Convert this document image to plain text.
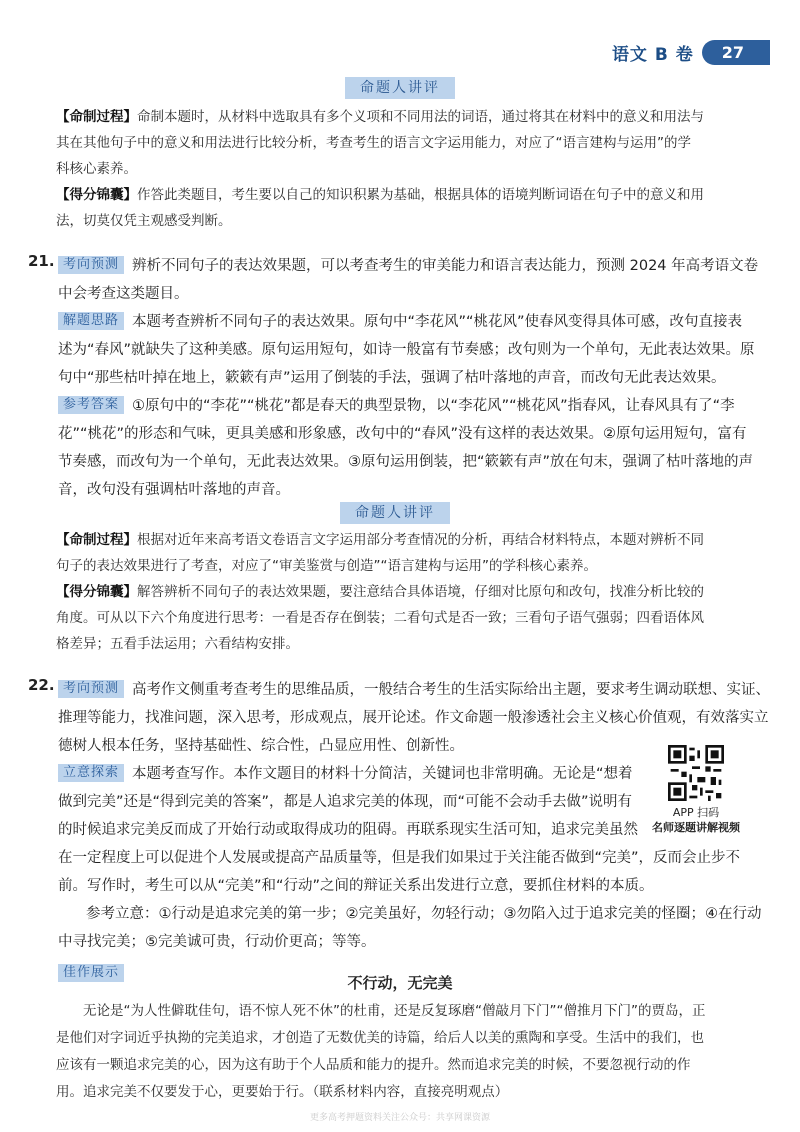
语文 B 卷	27
命题人讲评

【命制过程】命制本题时，从材料中选取具有多个义项和不同用法的词语，通过将其在材料中的意义和用法与

其在其他句子中的意义和用法进行比较分析，考查考生的语言文字运用能力，对应了“语言建构与运用”的学

科核心素养。

【得分锦囊】作答此类题目，考生要以自己的知识积累为基础，根据具体的语境判断词语在句子中的意义和用

法，切莫仅凭主观感受判断。

21. 考向预测 辨析不同句子的表达效果题，可以考查考生的审美能力和语言表达能力，预测 2024 年高考语文卷

中会考查这类题目。

解题思路 本题考查辨析不同句子的表达效果。原句中“李花风”“桃花风”使春风变得具体可感，改句直接表

述为“春风”就缺失了这种美感。原句运用短句，如诗一般富有节奏感；改句则为一个单句，无此表达效果。原

句中“那些枯叶掉在地上，簌簌有声”运用了倒装的手法，强调了枯叶落地的声音，而改句无此表达效果。

参考答案 ①原句中的“李花”“桃花”都是春天的典型景物，以“李花风”“桃花风”指春风，让春风具有了“李

花”“桃花”的形态和气味，更具美感和形象感，改句中的“春风”没有这样的表达效果。②原句运用短句，富有

节奏感，而改句为一个单句，无此表达效果。③原句运用倒装，把“簌簌有声”放在句末，强调了枯叶落地的声

音，改句没有强调枯叶落地的声音。

命题人讲评

【命制过程】根据对近年来高考语文卷语言文字运用部分考查情况的分析，再结合材料特点，本题对辨析不同

句子的表达效果进行了考查，对应了“审美鉴赏与创造”“语言建构与运用”的学科核心素养。

【得分锦囊】解答辨析不同句子的表达效果题，要注意结合具体语境，仔细对比原句和改句，找准分析比较的

角度。可从以下六个角度进行思考：一看是否存在倒装；二看句式是否一致；三看句子语气强弱；四看语体风

格差异；五看手法运用；六看结构安排。

22. 考向预测 高考作文侧重考查考生的思维品质，一般结合考生的生活实际给出主题，要求考生调动联想、实证、

推理等能力，找准问题，深入思考，形成观点，展开论述。作文命题一般渗透社会主义核心价值观，有效落实立

德树人根本任务，坚持基础性、综合性，凸显应用性、创新性。

立意探索 本题考查写作。本作文题目的材料十分简洁，关键词也非常明确。无论是“想着

做到完美”还是“得到完美的答案”，都是人追求完美的体现，而“可能不会动手去做”说明有

的时候追求完美反而成了开始行动或取得成功的阻碍。再联系现实生活可知，追求完美虽然

在一定程度上可以促进个人发展或提高产品质量等，但是我们如果过于关注能否做到“完美”，反而会止步不

前。写作时，考生可以从“完美”和“行动”之间的辩证关系出发进行立意，要抓住材料的本质。

参考立意：①行动是追求完美的第一步；②完美虽好，勿轻行动；③勿陷入过于追求完美的怪圈；④在行动

中寻找完美；⑤完美诚可贵，行动价更高；等等。

佳作展示

APP 扫码
名师逐题讲解视频
不行动，无完美
无论是“为人性僻耽佳句，语不惊人死不休”的杜甫，还是反复琢磨“僧敲月下门”“僧推月下门”的贾岛，正
是他们对字词近乎执拗的完美追求，才创造了无数优美的诗篇，给后人以美的熏陶和享受。生活中的我们，也
应该有一颗追求完美的心，因为这有助于个人品质和能力的提升。然而追求完美的时候，不要忽视行动的作
用。追求完美不仅要发于心，更要始于行。（联系材料内容，直接亮明观点）
更多高考押题资料关注公众号：共享网课资源
